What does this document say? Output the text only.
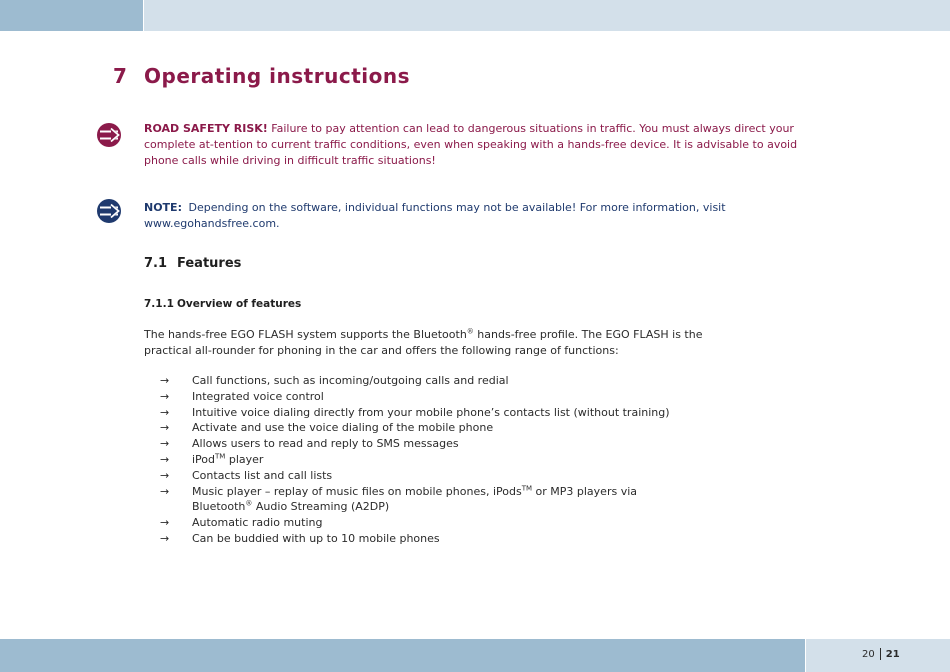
7 Operating instructions
ROAD SAFETY RISK! Failure to pay attention can lead to dangerous situations in traffic. You must always direct your complete at-tention to current traffic conditions, even when speaking with a hands-free device. It is advisable to avoid phone calls while driving in difficult traffic situations!
NOTE: Depending on the software, individual functions may not be available! For more information, visit www.egohandsfree.com.
7.1 Features
7.1.1 Overview of features
The hands-free EGO FLASH system supports the Bluetooth® hands-free profile. The EGO FLASH is the practical all-rounder for phoning in the car and offers the following range of functions:
→ Call functions, such as incoming/outgoing calls and redial
→ Integrated voice control
→ Intuitive voice dialing directly from your mobile phone’s contacts list (without training)
→ Activate and use the voice dialing of the mobile phone
→ Allows users to read and reply to SMS messages
→ iPod™ player
→ Contacts list and call lists
→ Music player – replay of music files on mobile phones, iPods™ or MP3 players via
Bluetooth® Audio Streaming (A2DP)
→ Automatic radio muting
→ Can be buddied with up to 10 mobile phones
20 21
